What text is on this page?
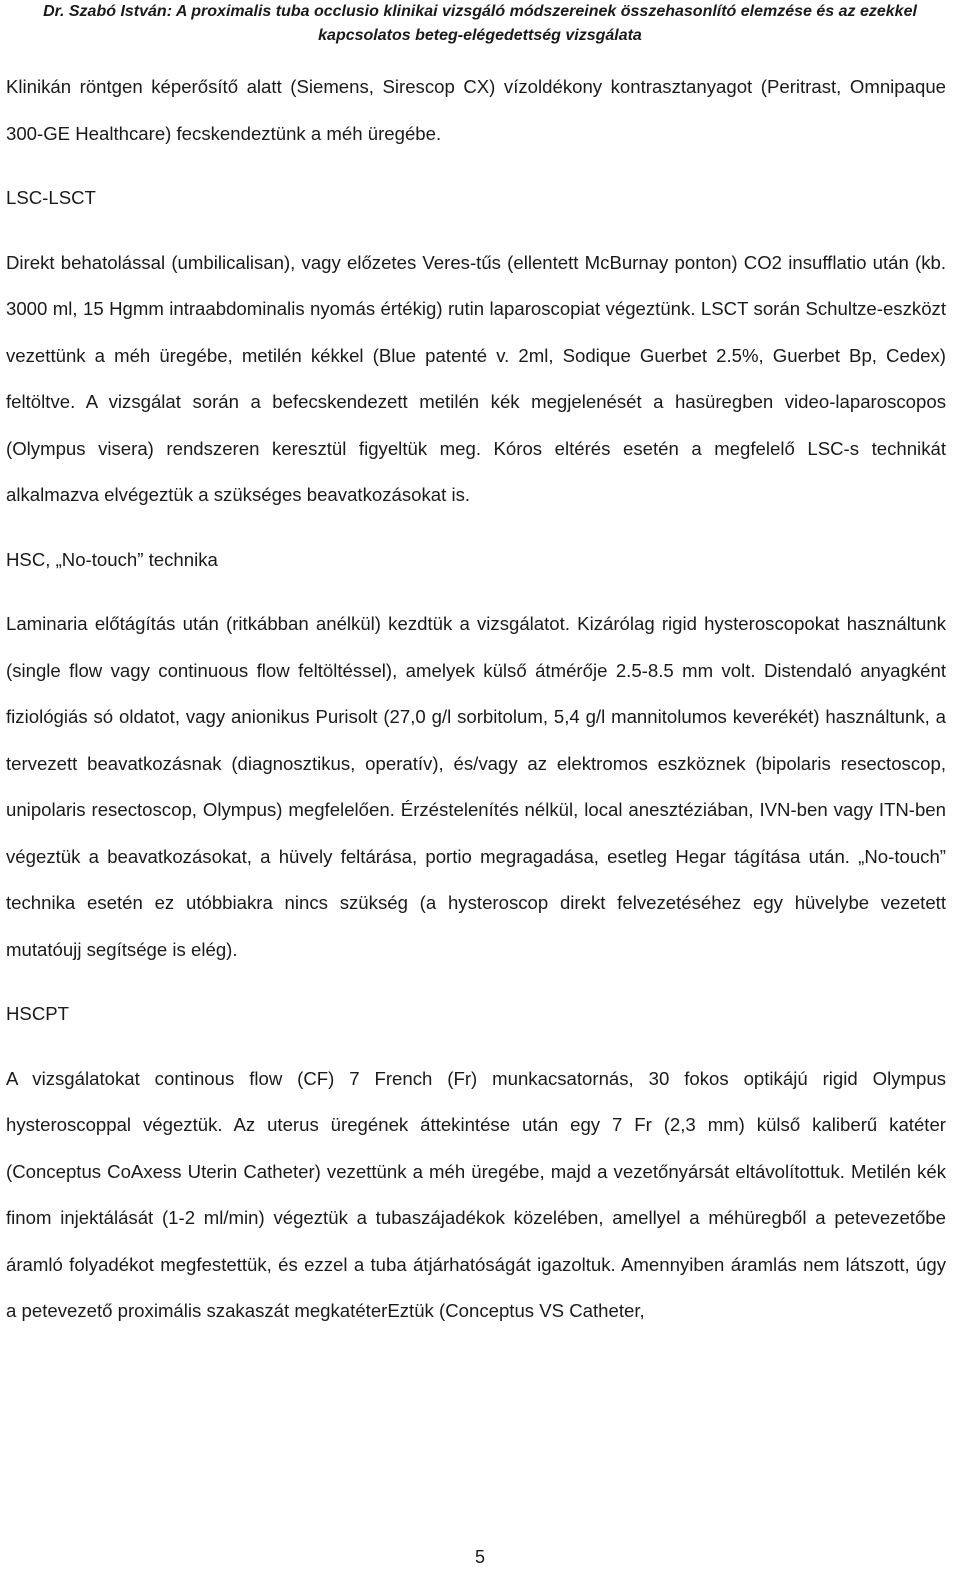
Dr. Szabó István: A proximalis tuba occlusio klinikai vizsgáló módszereinek összehasonlító elemzése és az ezekkel
kapcsolatos beteg-elégedettség vizsgálata

Klinikán röntgen képerősítő alatt (Siemens, Sirescop CX) vízoldékony kontrasztanyagot (Peritrast, Omnipaque 300-GE Healthcare) fecskendeztünk a méh üregébe.

LSC-LSCT

Direkt behatolással (umbilicalisan), vagy előzetes Veres-tűs (ellentett McBurnay ponton) CO2 insufflatio után (kb. 3000 ml, 15 Hgmm intraabdominalis nyomás értékig) rutin laparoscopiat végeztünk. LSCT során Schultze-eszközt vezettünk a méh üregébe, metilén kékkel (Blue patenté v. 2ml, Sodique Guerbet 2.5%, Guerbet Bp, Cedex) feltöltve. A vizsgálat során a befecskendezett metilén kék megjelenését a hasüregben video-laparoscopos (Olympus visera) rendszeren keresztül figyeltük meg. Kóros eltérés esetén a megfelelő LSC-s technikát alkalmazva elvégeztük a szükséges beavatkozásokat is.

HSC, „No-touch” technika

Laminaria előtágítás után (ritkábban anélkül) kezdtük a vizsgálatot. Kizárólag rigid hysteroscopokat használtunk (single flow vagy continuous flow feltöltéssel), amelyek külső átmérője 2.5-8.5 mm volt. Distendaló anyagként fiziológiás só oldatot, vagy anionikus Purisolt (27,0 g/l sorbitolum, 5,4 g/l mannitolumos keverékét) használtunk, a tervezett beavatkozásnak (diagnosztikus, operatív), és/vagy az elektromos eszköznek (bipolaris resectoscop, unipolaris resectoscop, Olympus) megfelelően. Érzéstelenítés nélkül, local anesztéziában, IVN-ben vagy ITN-ben végeztük a beavatkozásokat, a hüvely feltárása, portio megragadása, esetleg Hegar tágítása után. „No-touch” technika esetén ez utóbbiakra nincs szükség (a hysteroscop direkt felvezetéséhez egy hüvelybe vezetett mutatóujj segítsége is elég).

HSCPT

A vizsgálatokat continous flow (CF) 7 French (Fr) munkacsatornás, 30 fokos optikájú rigid Olympus hysteroscoppal végeztük. Az uterus üregének áttekintése után egy 7 Fr (2,3 mm) külső kaliberű katéter (Conceptus CoAxess Uterin Catheter) vezettünk a méh üregébe, majd a vezetőnyársát eltávolítottuk. Metilén kék finom injektálását (1-2 ml/min) végeztük a tubaszájadékok közelében, amellyel a méhüregből a petevezetőbe áramló folyadékot megfestettük, és ezzel a tuba átjárhatóságát igazoltuk. Amennyiben áramlás nem látszott, úgy a petevezető proximális szakaszát megkatéterEztük (Conceptus VS Catheter,

5
